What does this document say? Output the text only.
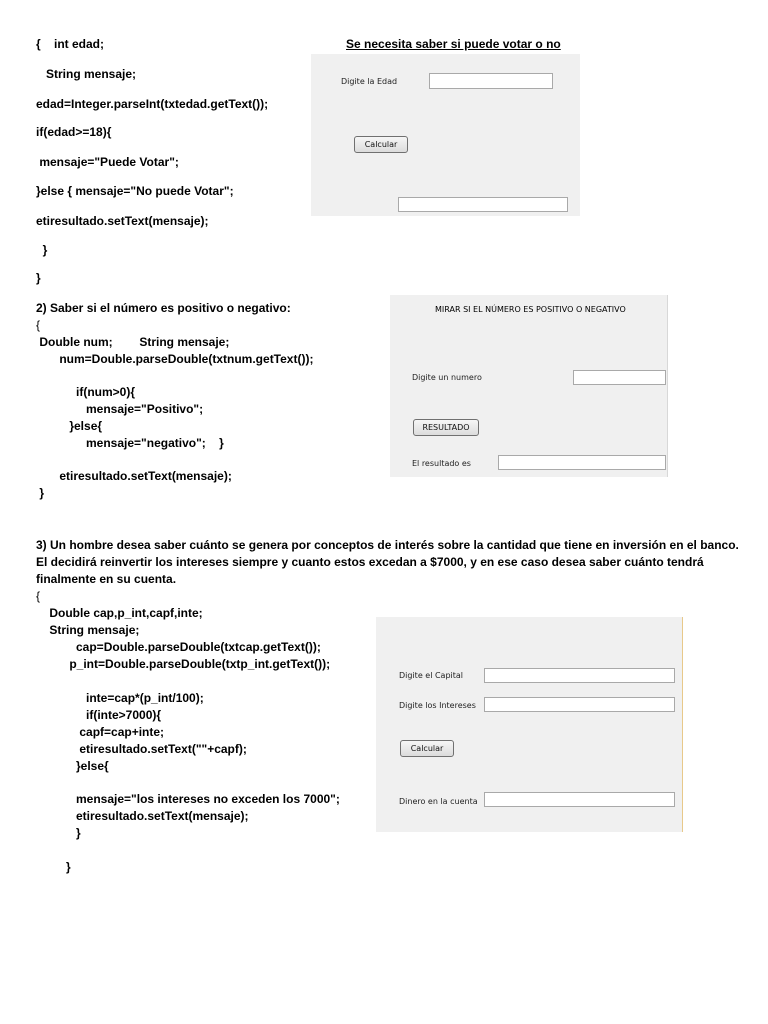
{    int edad;	Se necesita saber si puede votar o no
String mensaje;
edad=Integer.parseInt(txtedad.getText());
if(edad>=18){
mensaje="Puede Votar";
}else { mensaje="No puede Votar";
etiresultado.setText(mensaje);
}
}
Digite la Edad
Calcular
2) Saber si el número es positivo o negativo:
{
Double num;        String mensaje;
num=Double.parseDouble(txtnum.getText());
if(num>0){
mensaje="Positivo";
}else{
mensaje="negativo";    }
etiresultado.setText(mensaje);
}
MIRAR SI EL NÚMERO ES POSITIVO O NEGATIVO
Digite un numero
RESULTADO
El resultado es
3) Un hombre desea saber cuánto se genera por conceptos de interés sobre la cantidad que tiene en inversión en el banco.
El decidirá reinvertir los intereses siempre y cuanto estos excedan a $7000, y en ese caso desea saber cuánto tendrá
finalmente en su cuenta.
{
Double cap,p_int,capf,inte;
String mensaje;
cap=Double.parseDouble(txtcap.getText());
p_int=Double.parseDouble(txtp_int.getText());
inte=cap*(p_int/100);
if(inte>7000){
capf=cap+inte;
etiresultado.setText(""+capf);
}else{
mensaje="los intereses no exceden los 7000";
etiresultado.setText(mensaje);
}
}
Digite el Capital
Digite los Intereses
Calcular
Dinero en la cuenta
